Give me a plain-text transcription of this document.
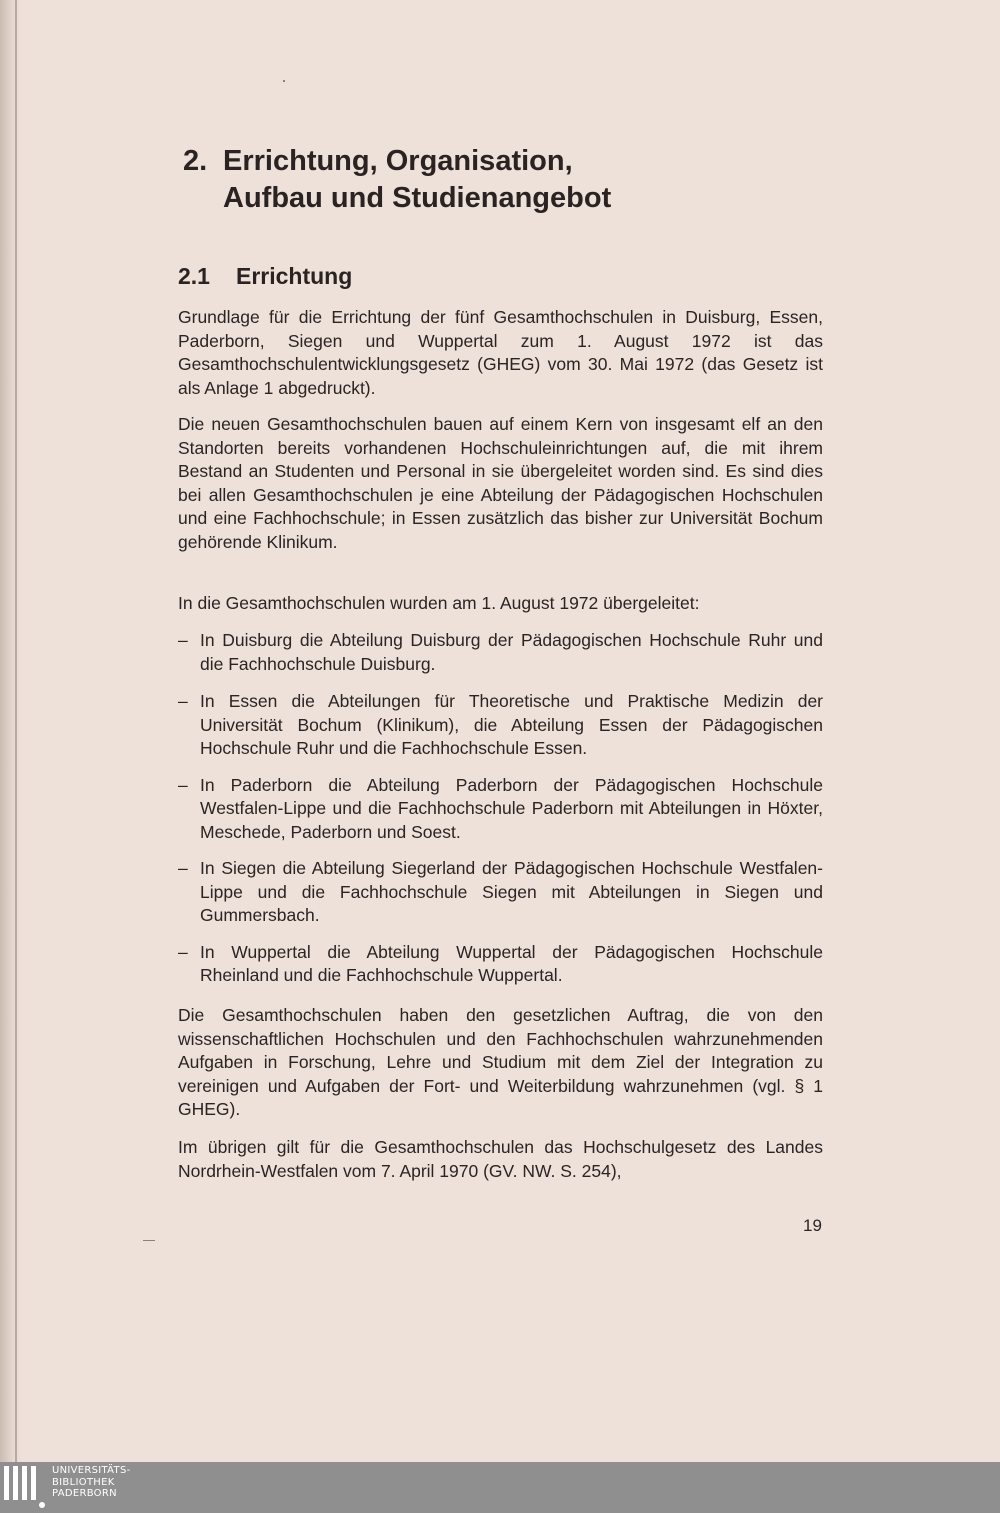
2. Errichtung, Organisation,
Aufbau und Studienangebot
2.1 Errichtung

Grundlage für die Errichtung der fünf Gesamthochschulen in Duisburg, Essen, Paderborn, Siegen und Wuppertal zum 1. August 1972 ist das Gesamthochschulentwicklungsgesetz (GHEG) vom 30. Mai 1972 (das Gesetz ist als Anlage 1 abgedruckt).

Die neuen Gesamthochschulen bauen auf einem Kern von insgesamt elf an den Standorten bereits vorhandenen Hochschuleinrichtungen auf, die mit ihrem Bestand an Studenten und Personal in sie übergeleitet worden sind. Es sind dies bei allen Gesamthochschulen je eine Abteilung der Pädagogischen Hochschulen und eine Fachhochschule; in Essen zusätzlich das bisher zur Universität Bochum gehörende Klinikum.

In die Gesamthochschulen wurden am 1. August 1972 übergeleitet:

– In Duisburg die Abteilung Duisburg der Pädagogischen Hochschule Ruhr und die Fachhochschule Duisburg.
– In Essen die Abteilungen für Theoretische und Praktische Medizin der Universität Bochum (Klinikum), die Abteilung Essen der Pädagogischen Hochschule Ruhr und die Fachhochschule Essen.
– In Paderborn die Abteilung Paderborn der Pädagogischen Hochschule Westfalen-Lippe und die Fachhochschule Paderborn mit Abteilungen in Höxter, Meschede, Paderborn und Soest.
– In Siegen die Abteilung Siegerland der Pädagogischen Hochschule Westfalen-Lippe und die Fachhochschule Siegen mit Abteilungen in Siegen und Gummersbach.
– In Wuppertal die Abteilung Wuppertal der Pädagogischen Hochschule Rheinland und die Fachhochschule Wuppertal.

Die Gesamthochschulen haben den gesetzlichen Auftrag, die von den wissenschaftlichen Hochschulen und den Fachhochschulen wahrzunehmenden Aufgaben in Forschung, Lehre und Studium mit dem Ziel der Integration zu vereinigen und Aufgaben der Fort- und Weiterbildung wahrzunehmen (vgl. § 1 GHEG).

Im übrigen gilt für die Gesamthochschulen das Hochschulgesetz des Landes Nordrhein-Westfalen vom 7. April 1970 (GV. NW. S. 254),

19
UNIVERSITÄTS-
BIBLIOTHEK
PADERBORN
